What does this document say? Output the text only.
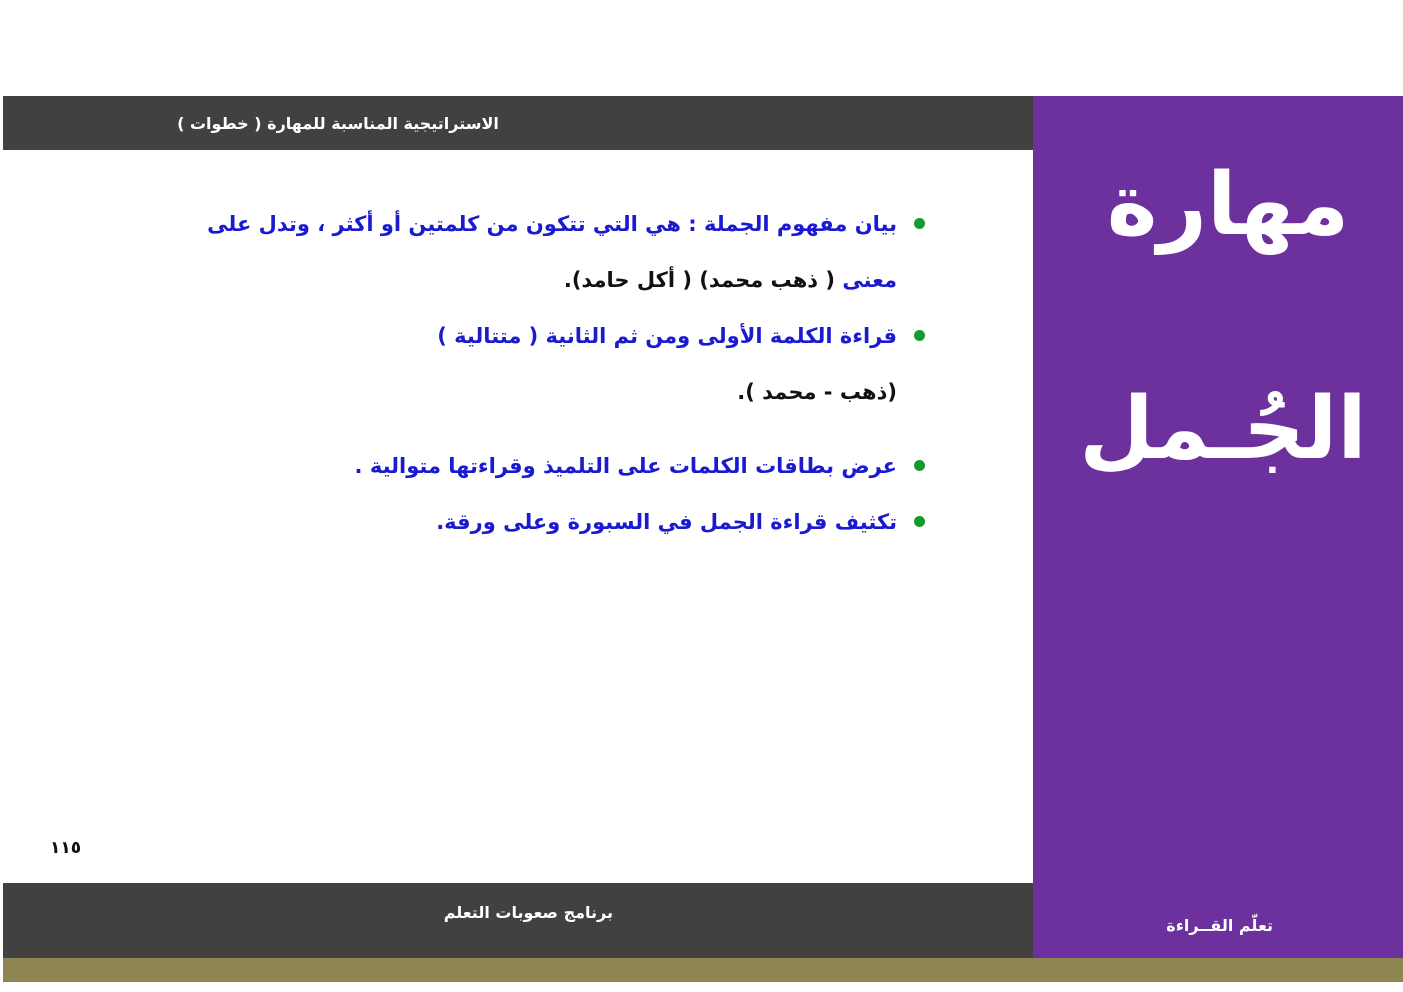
الاستراتيجية المناسبة للمهارة ( خطوات )
مهارة
الجُـمل
تعلّم القــراءة
بيان مفهوم الجملة : هي التي تتكون من كلمتين أو أكثر ، وتدل على معنى ( ذهب محمد) ( أكل حامد).
قراءة الكلمة الأولى ومن ثم الثانية ( متتالية )
(ذهب - محمد ).
عرض بطاقات الكلمات على التلميذ وقراءتها متوالية .
تكثيف قراءة الجمل في السبورة وعلى ورقة.
١١٥
برنامج صعوبات التعلم
